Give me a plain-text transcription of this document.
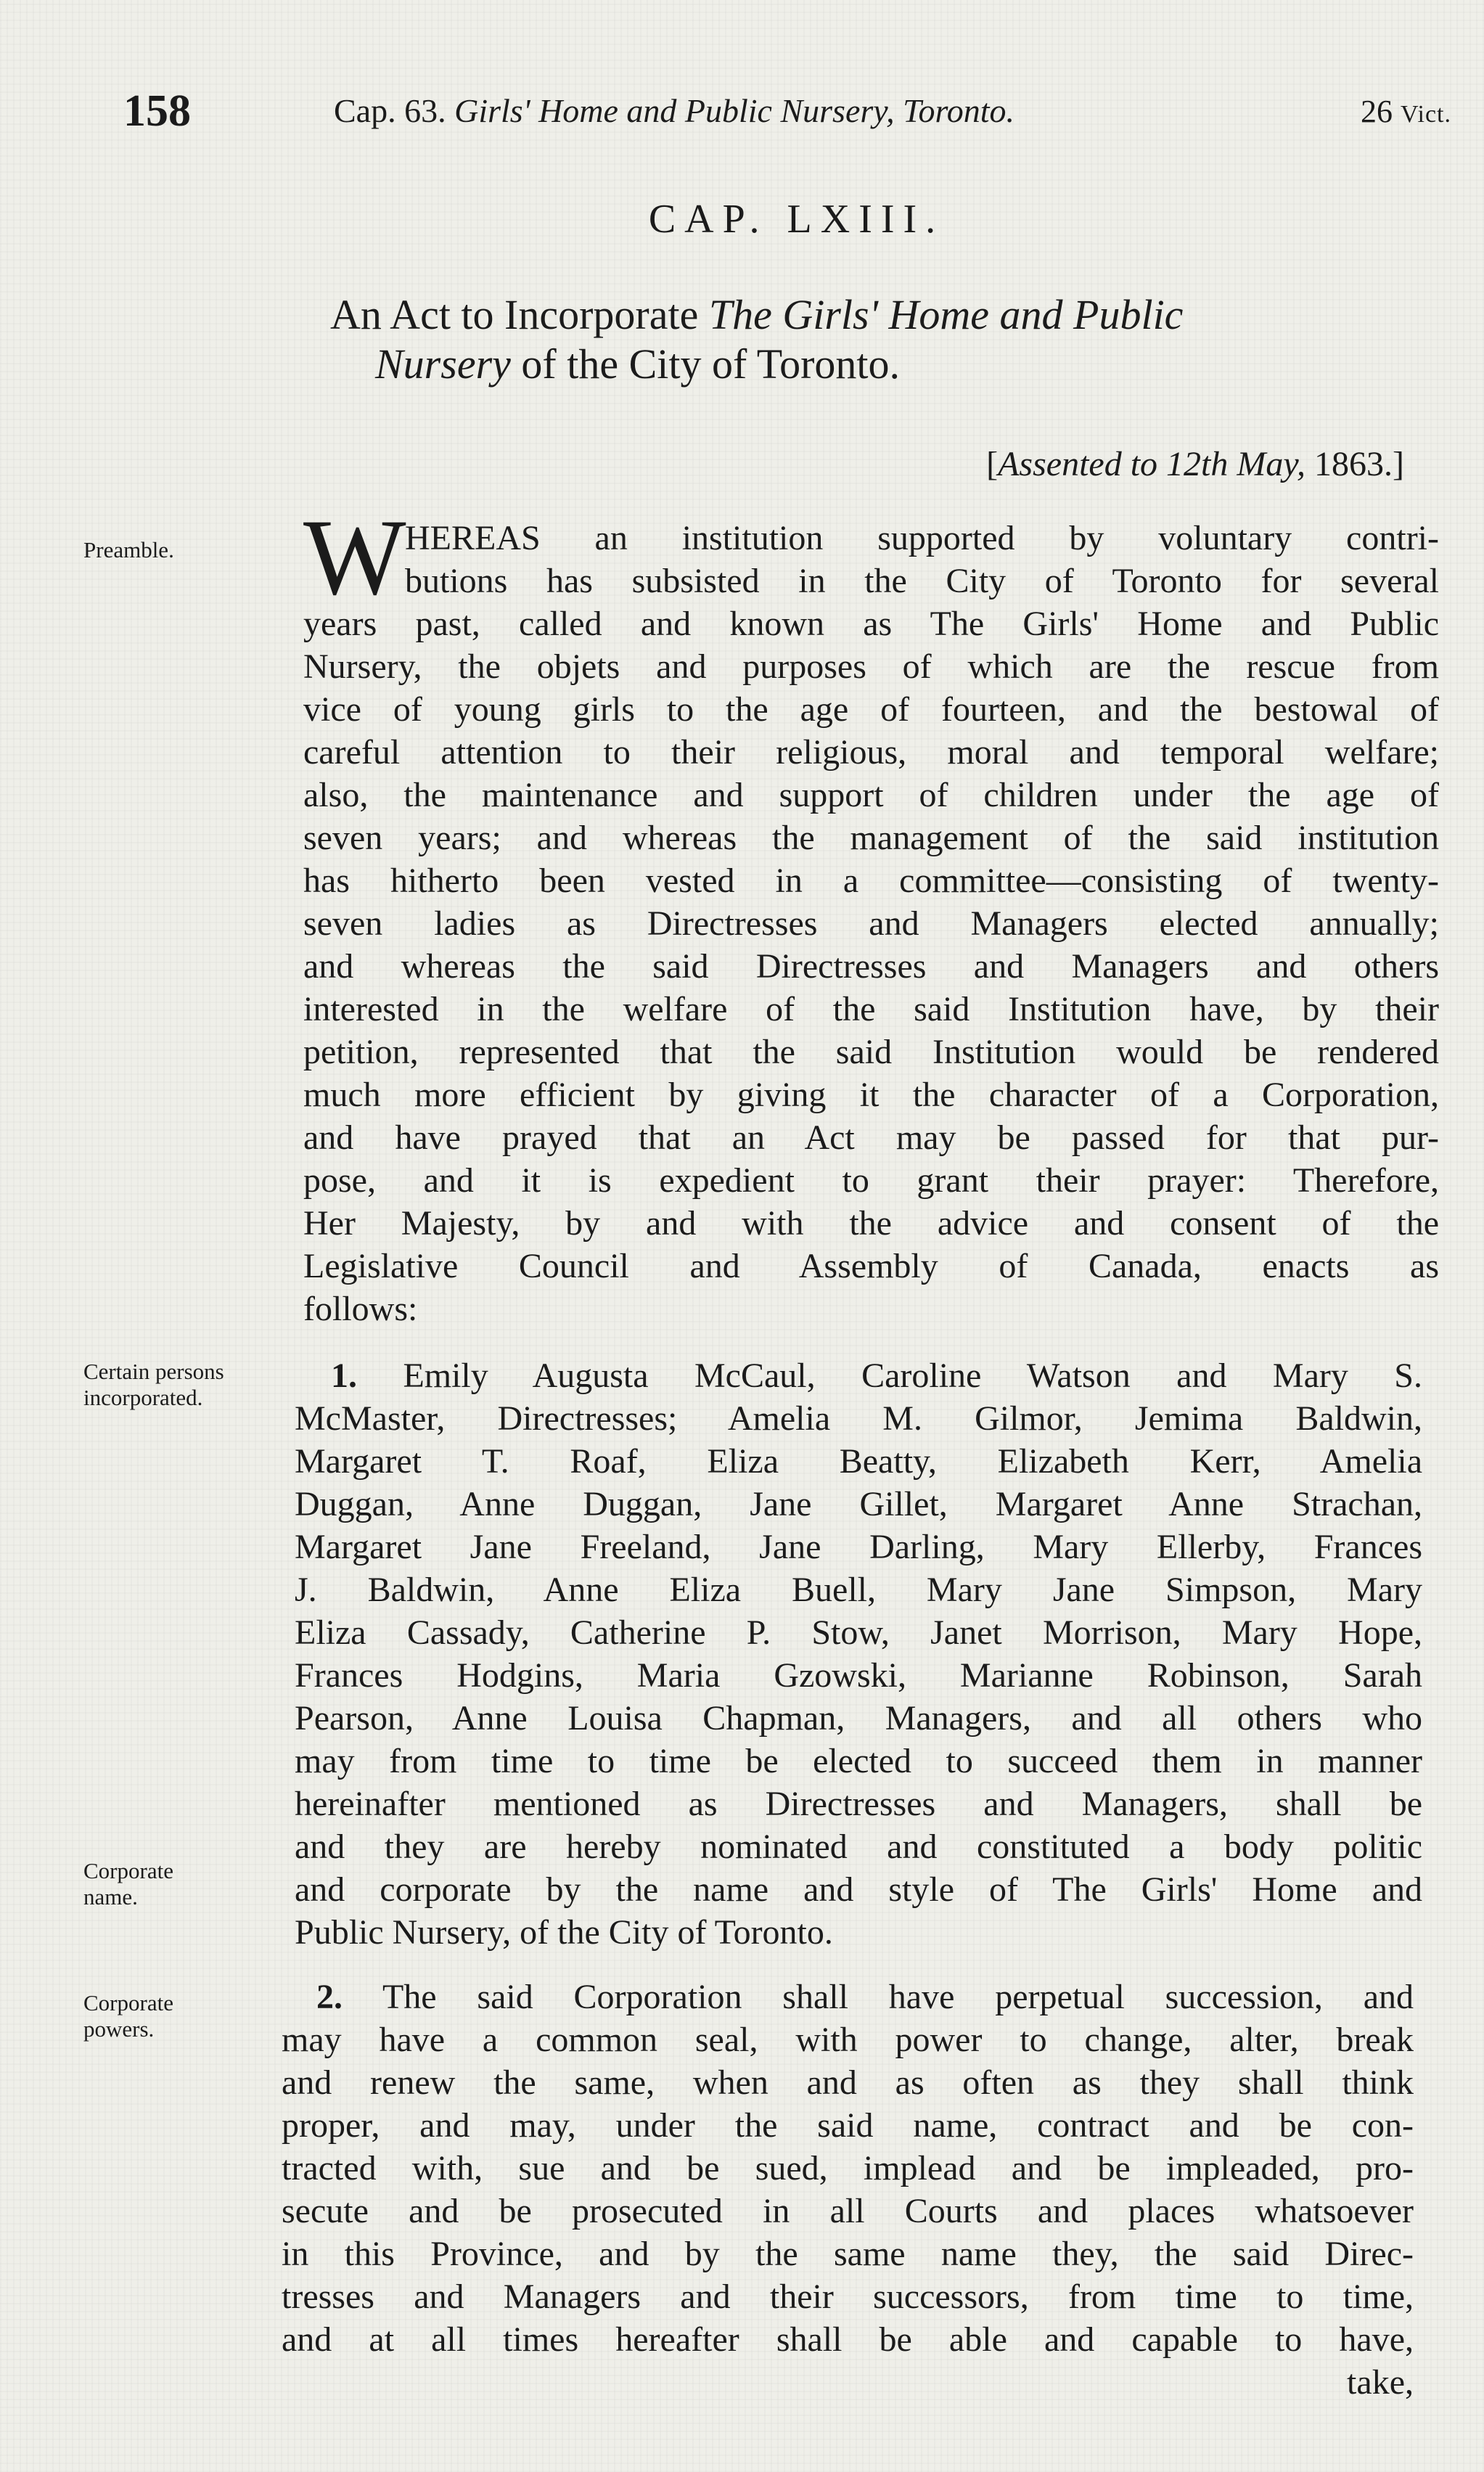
158	Cap. 63. Girls' Home and Public Nursery, Toronto.	26 Vict.
CAP. LXIII.
An Act to Incorporate The Girls' Home and Public
Nursery of the City of Toronto.
[Assented to 12th May, 1863.]
Preamble.
Certain persons incorporated.
Corporate name.
Corporate powers.
W
HEREAS an institution supported by voluntary contri-
butions has subsisted in the City of Toronto for several
years past, called and known as The Girls' Home and Public
Nursery, the objets and purposes of which are the rescue from
vice of young girls to the age of fourteen, and the bestowal of
careful attention to their religious, moral and temporal welfare;
also, the maintenance and support of children under the age of
seven years; and whereas the management of the said institution
has hitherto been vested in a committee—consisting of twenty-
seven ladies as Directresses and Managers elected annually;
and whereas the said Directresses and Managers and others
interested in the welfare of the said Institution have, by their
petition, represented that the said Institution would be rendered
much more efficient by giving it the character of a Corporation,
and have prayed that an Act may be passed for that pur-
pose, and it is expedient to grant their prayer: Therefore,
Her Majesty, by and with the advice and consent of the
Legislative Council and Assembly of Canada, enacts as
follows:
1. Emily Augusta McCaul, Caroline Watson and Mary S.
McMaster, Directresses; Amelia M. Gilmor, Jemima Baldwin,
Margaret T. Roaf, Eliza Beatty, Elizabeth Kerr, Amelia
Duggan, Anne Duggan, Jane Gillet, Margaret Anne Strachan,
Margaret Jane Freeland, Jane Darling, Mary Ellerby, Frances
J. Baldwin, Anne Eliza Buell, Mary Jane Simpson, Mary
Eliza Cassady, Catherine P. Stow, Janet Morrison, Mary Hope,
Frances Hodgins, Maria Gzowski, Marianne Robinson, Sarah
Pearson, Anne Louisa Chapman, Managers, and all others who
may from time to time be elected to succeed them in manner
hereinafter mentioned as Directresses and Managers, shall be
and they are hereby nominated and constituted a body politic
and corporate by the name and style of The Girls' Home and
Public Nursery, of the City of Toronto.
2. The said Corporation shall have perpetual succession, and
may have a common seal, with power to change, alter, break
and renew the same, when and as often as they shall think
proper, and may, under the said name, contract and be con-
tracted with, sue and be sued, implead and be impleaded, pro-
secute and be prosecuted in all Courts and places whatsoever
in this Province, and by the same name they, the said Direc-
tresses and Managers and their successors, from time to time,
and at all times hereafter shall be able and capable to have,
take,
